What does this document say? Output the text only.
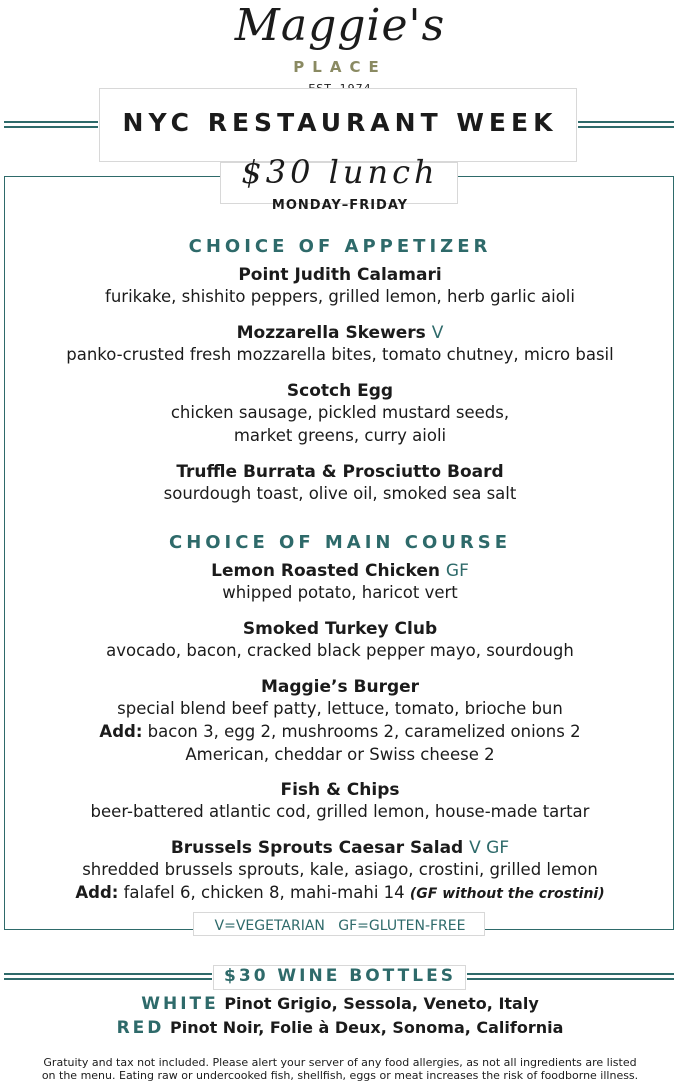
Maggie's
PLACE
NYC RESTAURANT WEEK
$30 lunch
MONDAY–FRIDAY
CHOICE OF APPETIZER
Point Judith Calamari
furikake, shishito peppers, grilled lemon, herb garlic aioli
Mozzarella Skewers V
panko-crusted fresh mozzarella bites, tomato chutney, micro basil
Scotch Egg
chicken sausage, pickled mustard seeds,
market greens, curry aioli
Truffle Burrata & Prosciutto Board
sourdough toast, olive oil, smoked sea salt
CHOICE OF MAIN COURSE
Lemon Roasted Chicken GF
whipped potato, haricot vert
Smoked Turkey Club
avocado, bacon, cracked black pepper mayo, sourdough
Maggie’s Burger
special blend beef patty, lettuce, tomato, brioche bun
Add: bacon 3, egg 2, mushrooms 2, caramelized onions 2
American, cheddar or Swiss cheese 2
Fish & Chips
beer-battered atlantic cod, grilled lemon, house-made tartar
Brussels Sprouts Caesar Salad V GF
shredded brussels sprouts, kale, asiago, crostini, grilled lemon
Add: falafel 6, chicken 8, mahi-mahi 14 (GF without the crostini)
V=VEGETARIAN   GF=GLUTEN-FREE
$30 WINE BOTTLES
WHITE Pinot Grigio, Sessola, Veneto, Italy
RED Pinot Noir, Folie à Deux, Sonoma, California
Gratuity and tax not included. Please alert your server of any food allergies, as not all ingredients are listed
on the menu. Eating raw or undercooked fish, shellfish, eggs or meat increases the risk of foodborne illness.
